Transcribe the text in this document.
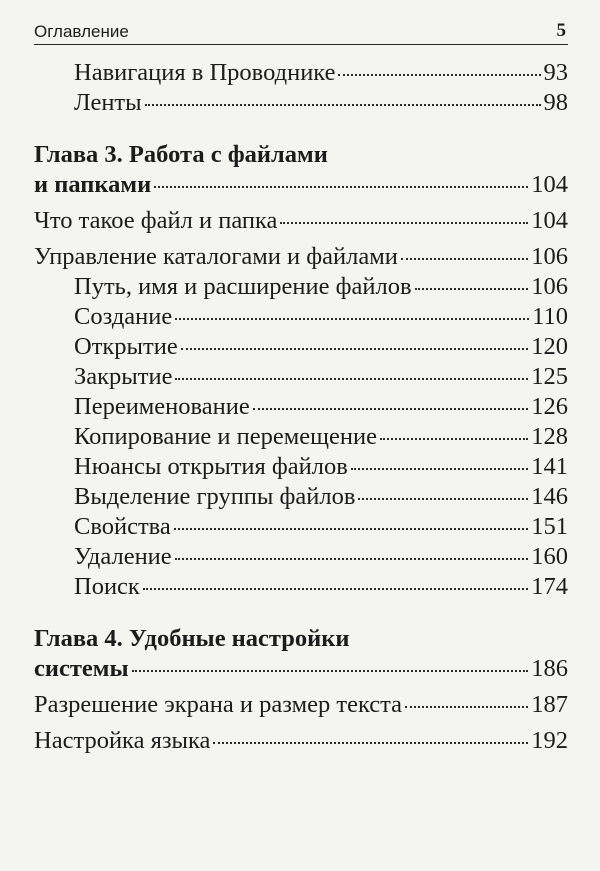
Оглавление	5
Навигация в Проводнике	93
Ленты	98
Глава 3. Работа с файлами
и папками	104
Что такое файл и папка	104
Управление каталогами и файлами	106
Путь, имя и расширение файлов	106
Создание	110
Открытие	120
Закрытие	125
Переименование	126
Копирование и перемещение	128
Нюансы открытия файлов	141
Выделение группы файлов	146
Свойства	151
Удаление	160
Поиск	174
Глава 4. Удобные настройки
системы	186
Разрешение экрана и размер текста	187
Настройка языка	192
